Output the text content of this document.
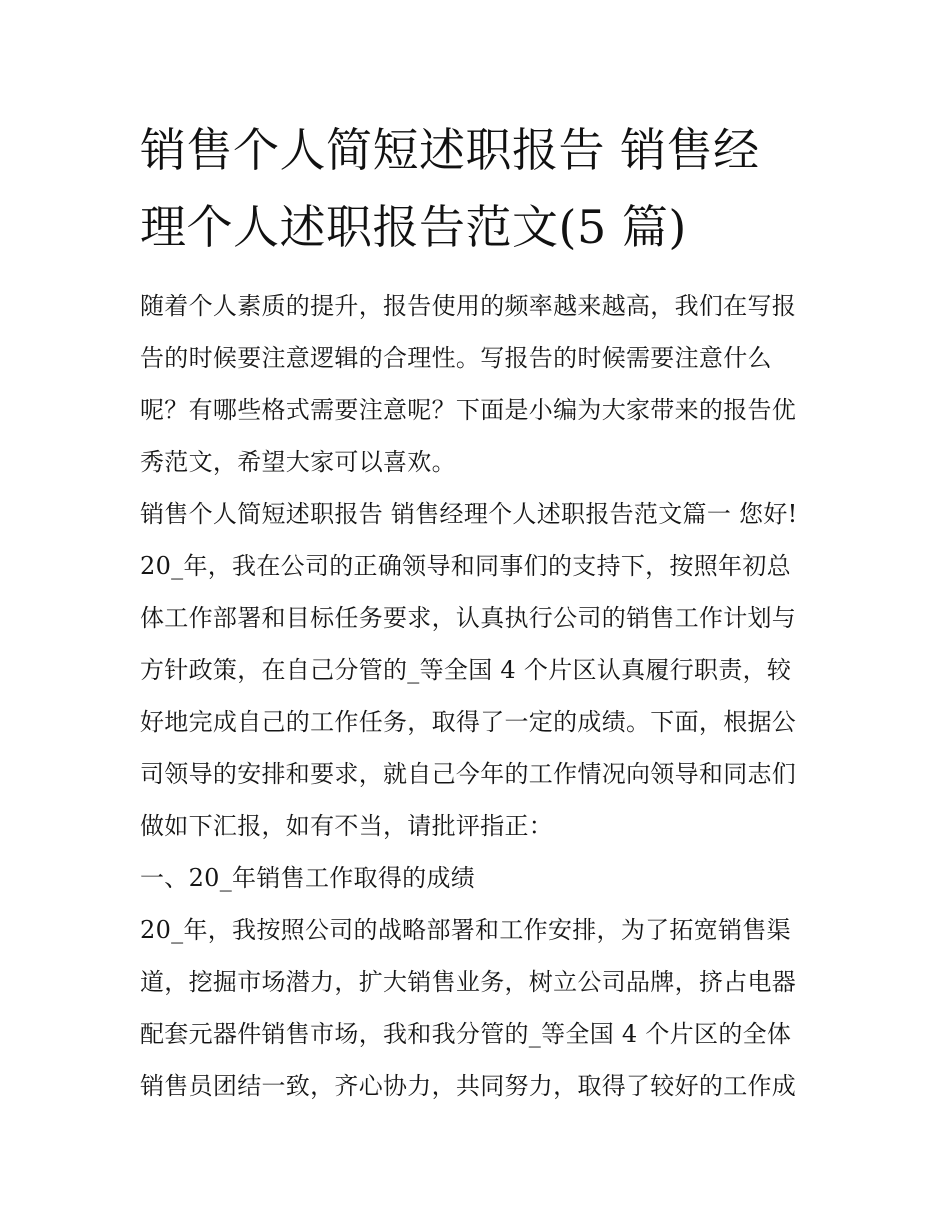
销售个人简短述职报告 销售经
理个人述职报告范文(5 篇)
随着个人素质的提升，报告使用的频率越来越高，我们在写报
告的时候要注意逻辑的合理性。写报告的时候需要注意什么
呢？有哪些格式需要注意呢？下面是小编为大家带来的报告优
秀范文，希望大家可以喜欢。
销售个人简短述职报告 销售经理个人述职报告范文篇一 您好!
20_年，我在公司的正确领导和同事们的支持下，按照年初总
体工作部署和目标任务要求，认真执行公司的销售工作计划与
方针政策，在自己分管的_等全国 4 个片区认真履行职责，较
好地完成自己的工作任务，取得了一定的成绩。下面，根据公
司领导的安排和要求，就自己今年的工作情况向领导和同志们
做如下汇报，如有不当，请批评指正：
一、20_年销售工作取得的成绩
20_年，我按照公司的战略部署和工作安排，为了拓宽销售渠
道，挖掘市场潜力，扩大销售业务，树立公司品牌，挤占电器
配套元器件销售市场，我和我分管的_等全国 4 个片区的全体
销售员团结一致，齐心协力，共同努力，取得了较好的工作成
